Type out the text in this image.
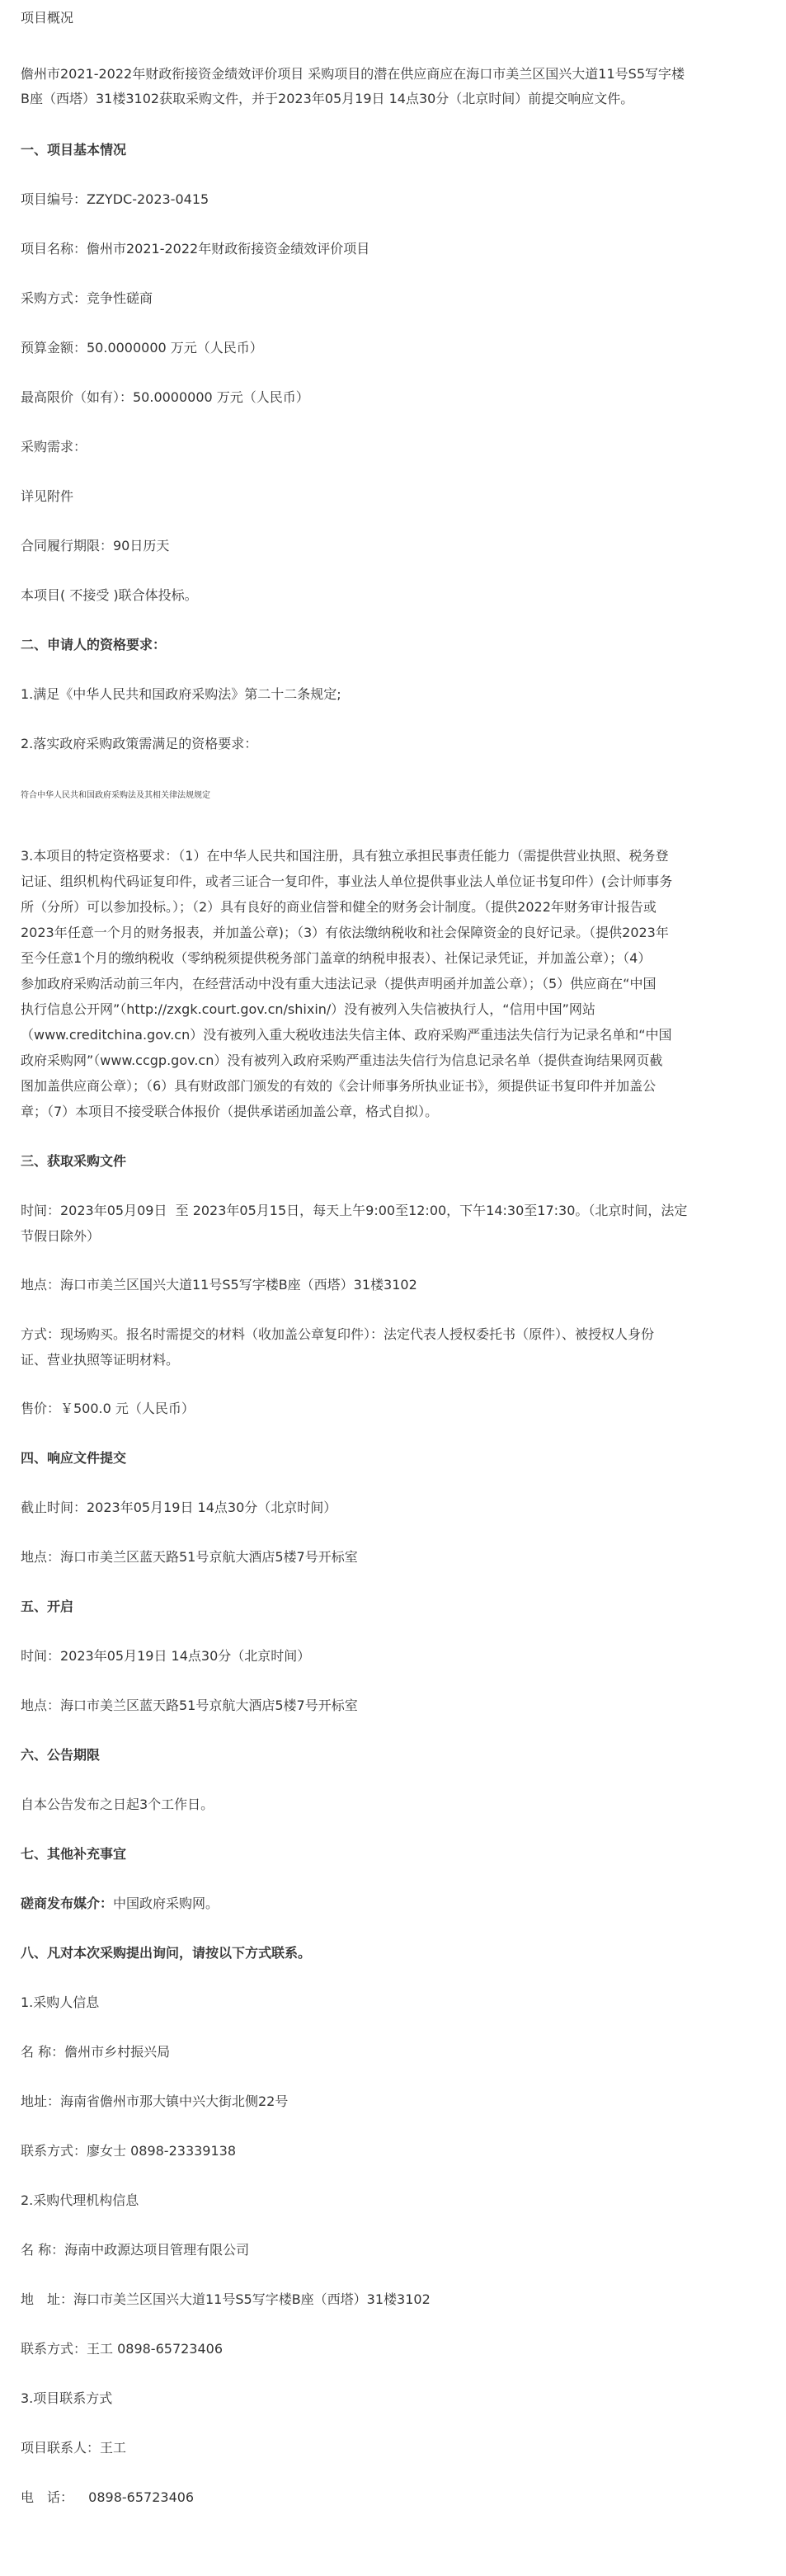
项目概况
儋州市2021-2022年财政衔接资金绩效评价项目 采购项目的潜在供应商应在海口市美兰区国兴大道11号S5写字楼
B座（西塔）31楼3102获取采购文件，并于2023年05月19日 14点30分（北京时间）前提交响应文件。
一、项目基本情况
项目编号：ZZYDC-2023-0415
项目名称：儋州市2021-2022年财政衔接资金绩效评价项目
采购方式：竞争性磋商
预算金额：50.0000000 万元（人民币）
最高限价（如有）：50.0000000 万元（人民币）
采购需求：
详见附件
合同履行期限：90日历天
本项目( 不接受 )联合体投标。
二、申请人的资格要求：
1.满足《中华人民共和国政府采购法》第二十二条规定;
2.落实政府采购政策需满足的资格要求：
符合中华人民共和国政府采购法及其相关律法规规定
3.本项目的特定资格要求：（1）在中华人民共和国注册，具有独立承担民事责任能力（需提供营业执照、税务登
记证、组织机构代码证复印件，或者三证合一复印件，事业法人单位提供事业法人单位证书复印件）(会计师事务
所（分所）可以参加投标。）；（2）具有良好的商业信誉和健全的财务会计制度。（提供2022年财务审计报告或
2023年任意一个月的财务报表，并加盖公章)；（3）有依法缴纳税收和社会保障资金的良好记录。（提供2023年
至今任意1个月的缴纳税收（零纳税须提供税务部门盖章的纳税申报表）、社保记录凭证，并加盖公章）；（4）
参加政府采购活动前三年内，在经营活动中没有重大违法记录（提供声明函并加盖公章）；（5）供应商在“中国
执行信息公开网”（http://zxgk.court.gov.cn/shixin/）没有被列入失信被执行人，“信用中国”网站
（www.creditchina.gov.cn）没有被列入重大税收违法失信主体、政府采购严重违法失信行为记录名单和“中国
政府采购网”（www.ccgp.gov.cn）没有被列入政府采购严重违法失信行为信息记录名单（提供查询结果网页截
图加盖供应商公章）；（6）具有财政部门颁发的有效的《会计师事务所执业证书》，须提供证书复印件并加盖公
章；（7）本项目不接受联合体报价（提供承诺函加盖公章，格式自拟）。
三、获取采购文件
时间：2023年05月09日  至 2023年05月15日，每天上午9:00至12:00，下午14:30至17:30。（北京时间，法定
节假日除外）
地点：海口市美兰区国兴大道11号S5写字楼B座（西塔）31楼3102
方式：现场购买。报名时需提交的材料（收加盖公章复印件）：法定代表人授权委托书（原件）、被授权人身份
证、营业执照等证明材料。
售价：￥500.0 元（人民币）
四、响应文件提交
截止时间：2023年05月19日 14点30分（北京时间）
地点：海口市美兰区蓝天路51号京航大酒店5楼7号开标室
五、开启
时间：2023年05月19日 14点30分（北京时间）
地点：海口市美兰区蓝天路51号京航大酒店5楼7号开标室
六、公告期限
自本公告发布之日起3个工作日。
七、其他补充事宜
磋商发布媒介：中国政府采购网。
八、凡对本次采购提出询问，请按以下方式联系。
1.采购人信息
名 称：儋州市乡村振兴局
地址：海南省儋州市那大镇中兴大街北侧22号
联系方式：廖女士 0898-23339138
2.采购代理机构信息
名 称：海南中政源达项目管理有限公司
地　址：海口市美兰区国兴大道11号S5写字楼B座（西塔）31楼3102
联系方式：王工 0898-65723406
3.项目联系方式
项目联系人：王工
电　话：　  0898-65723406
